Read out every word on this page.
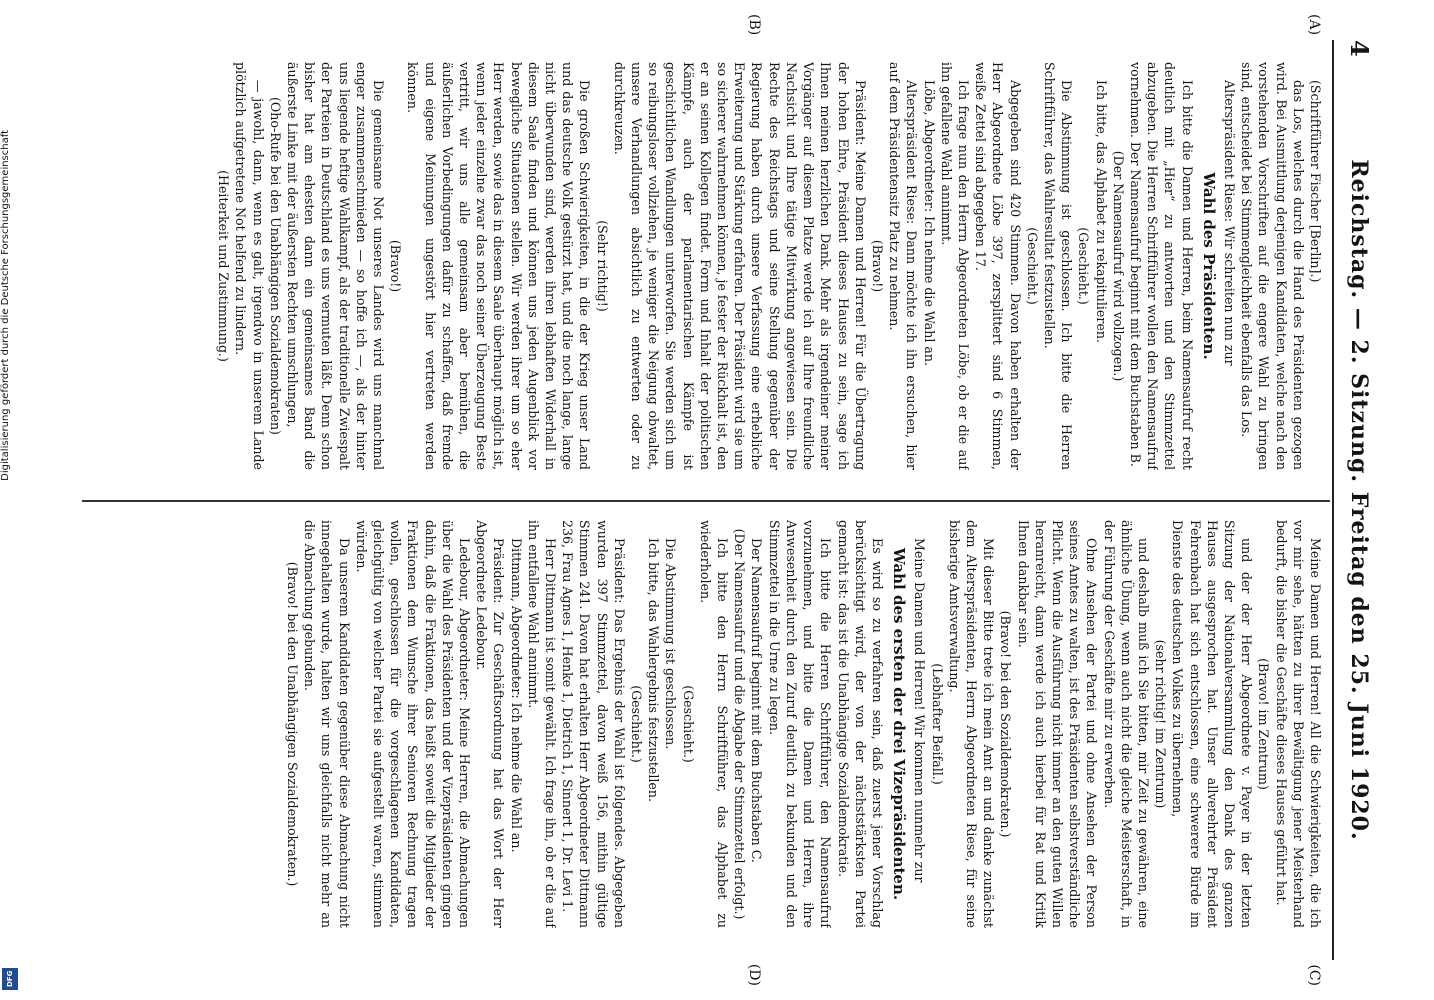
4
Reichstag. — 2. Sitzung. Freitag den 25. Juni 1920.
(A)
(B)
(C)
(D)

(Schriftführer Fischer [Berlin].)

das Los, welches durch die Hand des Präsidenten gezogen wird. Bei Ausmittlung derjenigen Kandidaten, welche nach den vorstehenden Vorschriften auf die engere Wahl zu bringen sind, entscheidet bei Stimmengleichheit ebenfalls das Los.

Alterspräsident Riese: Wir schreiten nun zur

Wahl des Präsidenten.

Ich bitte die Damen und Herren, beim Namensaufruf recht deutlich mit „Hier“ zu antworten und den Stimmzettel abzugeben. Die Herren Schriftführer wollen den Namensaufruf vornehmen. Der Namensaufruf beginnt mit dem Buchstaben B.

(Der Namensaufruf wird vollzogen.)

Ich bitte, das Alphabet zu rekapitulieren.

(Geschieht.)

Die Abstimmung ist geschlossen. Ich bitte die Herren Schriftführer, das Wahlresultat festzustellen.

(Geschieht.)

Abgegeben sind 420 Stimmen. Davon haben erhalten der Herr Abgeordnete Löbe 397, zersplittert sind 6 Stimmen, weiße Zettel sind abgegeben 17.

Ich frage nun den Herrn Abgeordneten Löbe, ob er die auf ihn gefallene Wahl annimmt.

Löbe, Abgeordneter: Ich nehme die Wahl an.

Alterspräsident Riese: Dann möchte ich ihn ersuchen, hier auf dem Präsidentensitz Platz zu nehmen.

(Bravo!)

Präsident: Meine Damen und Herren! Für die Übertragung der hohen Ehre, Präsident dieses Hauses zu sein, sage ich Ihnen meinen herzlichen Dank. Mehr als irgendeiner meiner Vorgänger auf diesem Platze werde ich auf Ihre freundliche Nachsicht und Ihre tätige Mitwirkung angewiesen sein. Die Rechte des Reichstags und seine Stellung gegenüber der Regierung haben durch unsere Verfassung eine erhebliche Erweiterung und Stärkung erfahren. Der Präsident wird sie um so sicherer wahrnehmen können, je fester der Rückhalt ist, den er an seinen Kollegen findet. Form und Inhalt der politischen Kämpfe, auch der parlamentarischen Kämpfe ist geschichtlichen Wandlungen unterworfen. Sie werden sich um so reibungsloser vollziehen, je weniger die Neigung obwaltet, unsere Verhandlungen absichtlich zu entwerten oder zu durchkreuzen.

(Sehr richtig!)

Die großen Schwierigkeiten, in die der Krieg unser Land und das deutsche Volk gestürzt hat, und die noch lange, lange nicht überwunden sind, werden ihren lebhaften Widerhall in diesem Saale finden und können uns jeden Augenblick vor bewegliche Situationen stellen. Wir werden ihrer um so eher Herr werden, sowie das in diesem Saale überhaupt möglich ist, wenn jeder einzelne zwar das noch seiner Überzeugung Beste vertritt, wir uns alle gemeinsam aber bemühen, die äußerlichen Vorbedingungen dafür zu schaffen, daß fremde und eigene Meinungen ungestört hier vertreten werden können.

(Bravo!)

Die gemeinsame Not unseres Landes wird uns manchmal enger zusammenschmieden — so hoffe ich —, als der hinter uns liegende heftige Wahlkampf, als der traditionelle Zwiespalt der Parteien in Deutschland es uns vermuten läßt. Denn schon bisher hat am ehesten dann ein gemeinsames Band die äußerste Linke mit der äußersten Rechten umschlungen,

(Oho-Rufe bei den Unabhängigen Sozialdemokraten)

— jawohl, dann, wenn es galt, irgendwo in unserem Lande plötzlich aufgetretene Not helfend zu lindern.

(Heiterkeit und Zustimmung.)

Meine Damen und Herren! All die Schwierigkeiten, die ich vor mir sehe, hätten zu ihrer Bewältigung jener Meisterhand bedurft, die bisher die Geschäfte dieses Hauses geführt hat.

(Bravo! im Zentrum)

und der der Herr Abgeordnete v. Payer in der letzten Sitzung der Nationalversammlung den Dank des ganzen Hauses ausgesprochen hat. Unser allverehrter Präsident Fehrenbach hat sich entschlossen, eine schwerere Bürde im Dienste des deutschen Volkes zu übernehmen,

(sehr richtig! im Zentrum)

und deshalb muß ich Sie bitten, mir Zeit zu gewähren, eine ähnliche Übung, wenn auch nicht die gleiche Meisterschaft, in der Führung der Geschäfte mir zu erwerben.

Ohne Ansehen der Partei und ohne Ansehen der Person seines Amtes zu walten, ist des Präsidenten selbstverständliche Pflicht. Wenn die Ausführung nicht immer an den guten Willen heranreicht, dann werde ich auch hierbei für Rat und Kritik Ihnen dankbar sein.

(Bravo! bei den Sozialdemokraten.)

Mit dieser Bitte trete ich mein Amt an und danke zunächst dem Alterspräsidenten, Herrn Abgeordneten Riese, für seine bisherige Amtsverwaltung.

(Lebhafter Beifall.)

Meine Damen und Herren! Wir kommen nunmehr zur

Wahl des ersten der drei Vizepräsidenten.

Es wird so zu verfahren sein, daß zuerst jener Vorschlag berücksichtigt wird, der von der nächststärksten Partei gemacht ist: das ist die Unabhängige Sozialdemokratie.

Ich bitte die Herren Schriftführer, den Namensaufruf vorzunehmen, und bitte die Damen und Herren, ihre Anwesenheit durch den Zuruf deutlich zu bekunden und den Stimmzettel in die Urne zu legen.

Der Namensaufruf beginnt mit dem Buchstaben C.

(Der Namensaufruf und die Abgabe der Stimmzettel erfolgt.)

Ich bitte den Herrn Schriftführer, das Alphabet zu wiederholen.

(Geschieht.)

Die Abstimmung ist geschlossen.

Ich bitte, das Wahlergebnis festzustellen.

(Geschieht.)

Präsident: Das Ergebnis der Wahl ist folgendes. Abgegeben wurden 397 Stimmzettel, davon weiß 156, mithin gültige Stimmen 241. Davon hat erhalten Herr Abgeordneter Dittmann 236, Frau Agnes 1, Henke 1, Dietrich 1, Sinnert 1, Dr. Levi 1.

Herr Dittmann ist somit gewählt. Ich frage ihn, ob er die auf ihn entfallene Wahl annimmt.

Dittmann, Abgeordneter: Ich nehme die Wahl an.

Präsident: Zur Geschäftsordnung hat das Wort der Herr Abgeordnete Ledebour.

Ledebour, Abgeordneter: Meine Herren, die Abmachungen über die Wahl des Präsidenten und der Vizepräsidenten gingen dahin, daß die Fraktionen, das heißt soweit die Mitglieder der Fraktionen dem Wunsche ihrer Senioren Rechnung tragen wollen, geschlossen für die vorgeschlagenen Kandidaten, gleichgültig von welcher Partei sie aufgestellt waren, stimmen würden.

Da unserem Kandidaten gegenüber diese Abmachung nicht innegehalten wurde, halten wir uns gleichfalls nicht mehr an die Abmachung gebunden.

(Bravo! bei den Unabhängigen Sozialdemokraten.)

Digitalisierung gefördert durch die Deutsche Forschungsgemeinschaft
DFG
